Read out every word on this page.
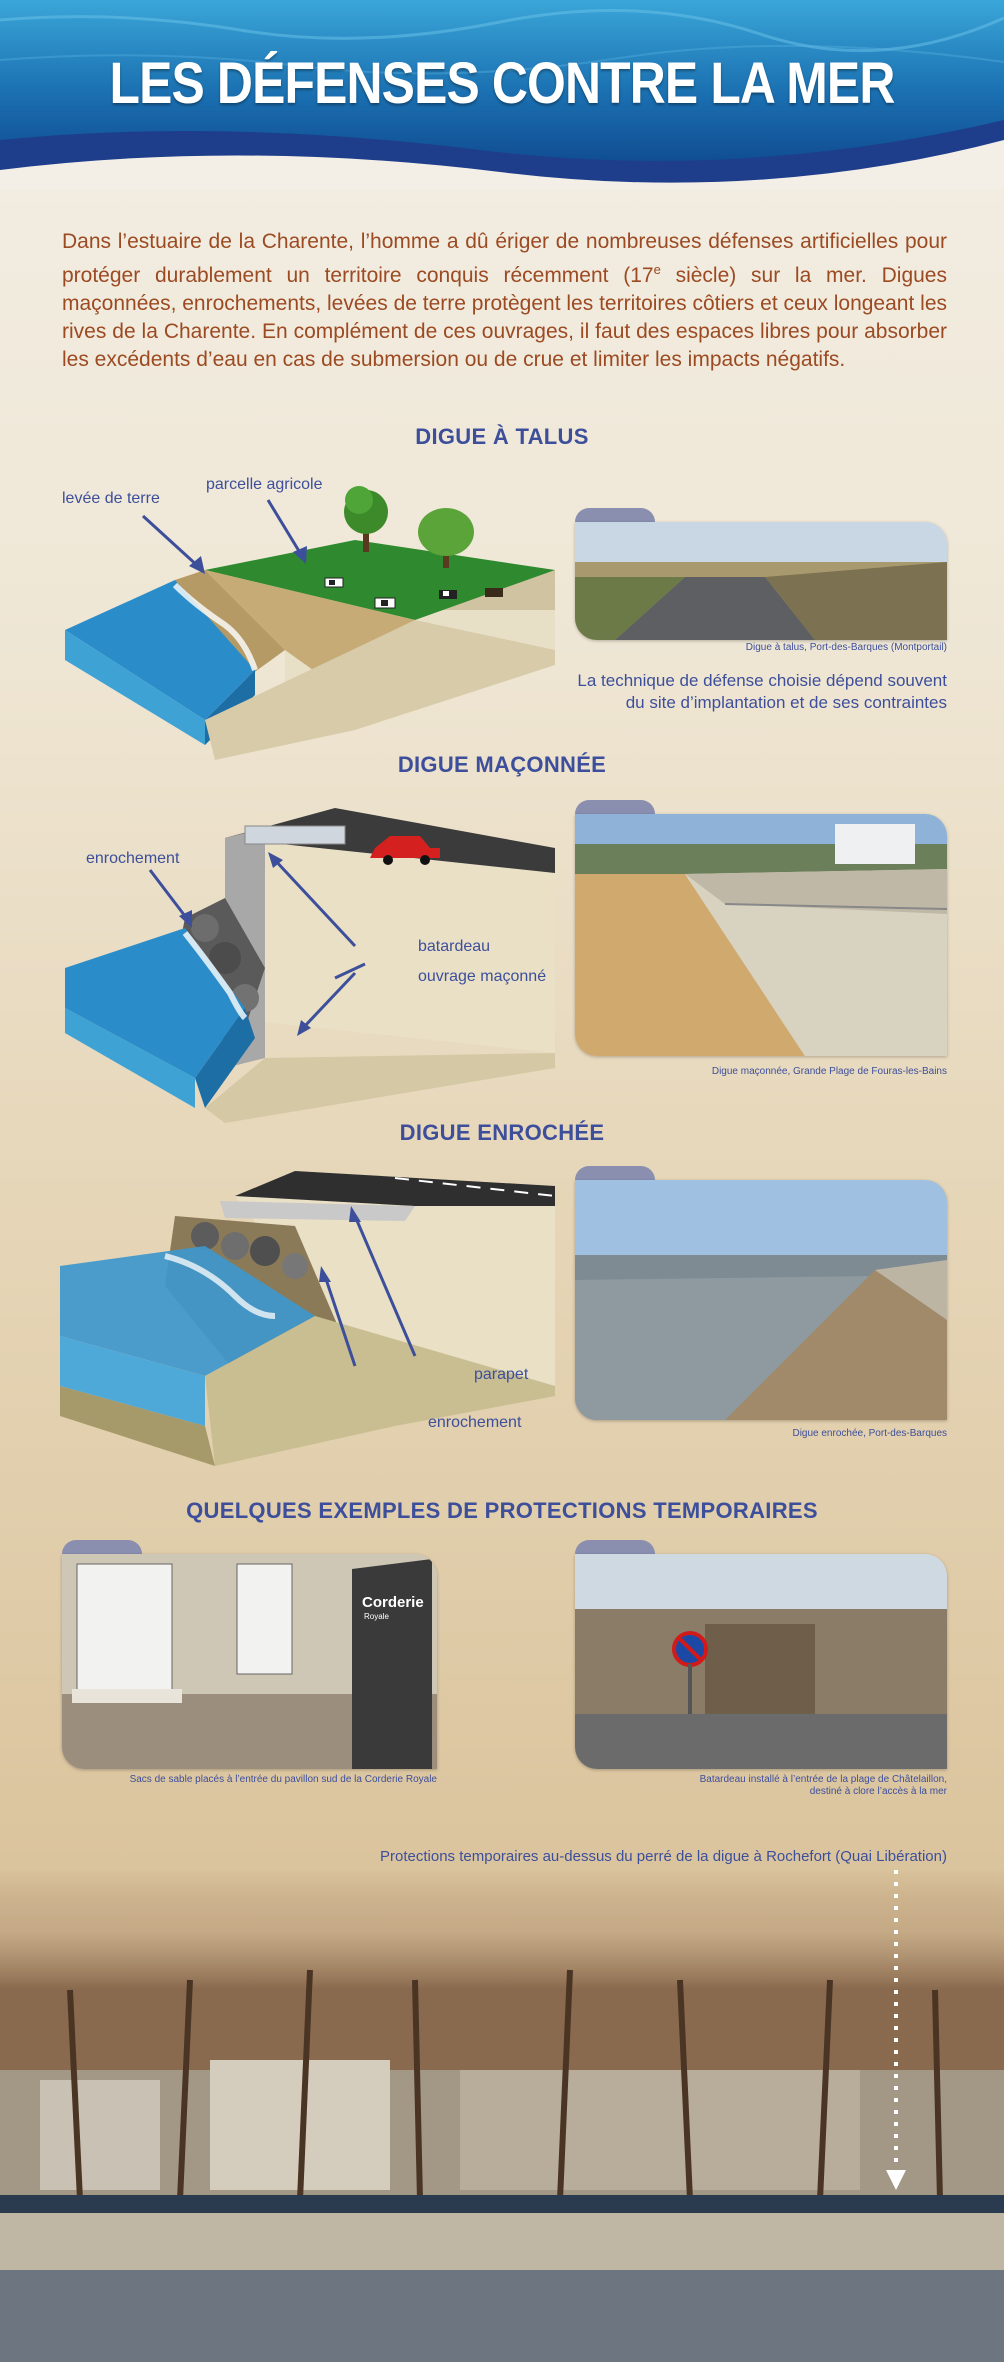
LES DÉFENSES CONTRE LA MER
Dans l’estuaire de la Charente, l’homme a dû ériger de nombreuses défenses artificielles pour protéger durablement un territoire conquis récemment (17e siècle) sur la mer. Digues maçonnées, enrochements, levées de terre protègent les territoires côtiers et ceux longeant les rives de la Charente. En complément de ces ouvrages, il faut des espaces libres pour absorber les excédents d’eau en cas de submersion ou de crue et limiter les impacts négatifs.
DIGUE À TALUS
levée de terre
parcelle agricole
Digue à talus, Port-des-Barques (Montportail)
La technique de défense choisie dépend souvent du site d’implantation et de ses contraintes
DIGUE MAÇONNÉE
enrochement
batardeau
ouvrage maçonné
Digue maçonnée, Grande Plage de Fouras-les-Bains
DIGUE ENROCHÉE
parapet
enrochement
Digue enrochée, Port-des-Barques
QUELQUES EXEMPLES DE PROTECTIONS TEMPORAIRES
Corderie
Royale
Sacs de sable placés à l’entrée du pavillon sud de la Corderie Royale	Batardeau installé à l’entrée de la plage de Châtelaillon,
destiné à clore l’accès à la mer
Protections temporaires au-dessus du perré de la digue à Rochefort (Quai Libération)
